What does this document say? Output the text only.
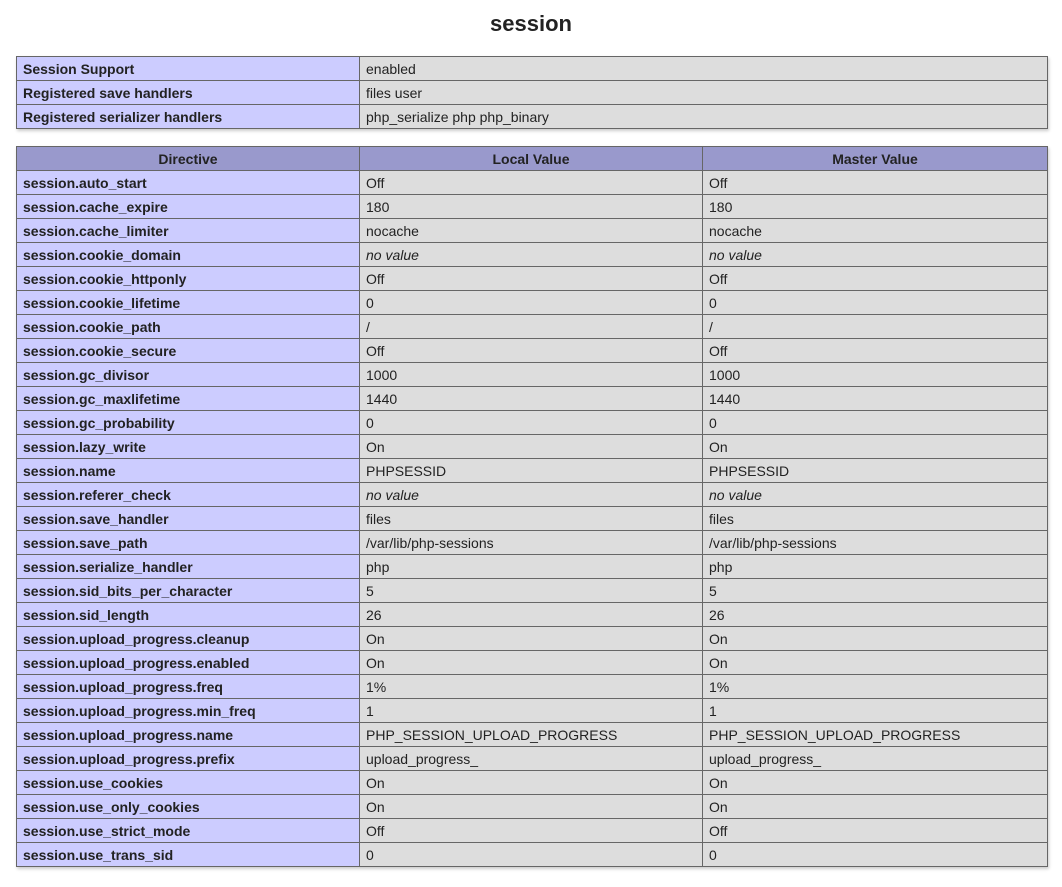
session
Session Support	enabled
Registered save handlers	files user
Registered serializer handlers	php_serialize php php_binary
Directive	Local Value	Master Value
session.auto_start	Off	Off
session.cache_expire	180	180
session.cache_limiter	nocache	nocache
session.cookie_domain	no value	no value
session.cookie_httponly	Off	Off
session.cookie_lifetime	0	0
session.cookie_path	/	/
session.cookie_secure	Off	Off
session.gc_divisor	1000	1000
session.gc_maxlifetime	1440	1440
session.gc_probability	0	0
session.lazy_write	On	On
session.name	PHPSESSID	PHPSESSID
session.referer_check	no value	no value
session.save_handler	files	files
session.save_path	/var/lib/php-sessions	/var/lib/php-sessions
session.serialize_handler	php	php
session.sid_bits_per_character	5	5
session.sid_length	26	26
session.upload_progress.cleanup	On	On
session.upload_progress.enabled	On	On
session.upload_progress.freq	1%	1%
session.upload_progress.min_freq	1	1
session.upload_progress.name	PHP_SESSION_UPLOAD_PROGRESS	PHP_SESSION_UPLOAD_PROGRESS
session.upload_progress.prefix	upload_progress_	upload_progress_
session.use_cookies	On	On
session.use_only_cookies	On	On
session.use_strict_mode	Off	Off
session.use_trans_sid	0	0
